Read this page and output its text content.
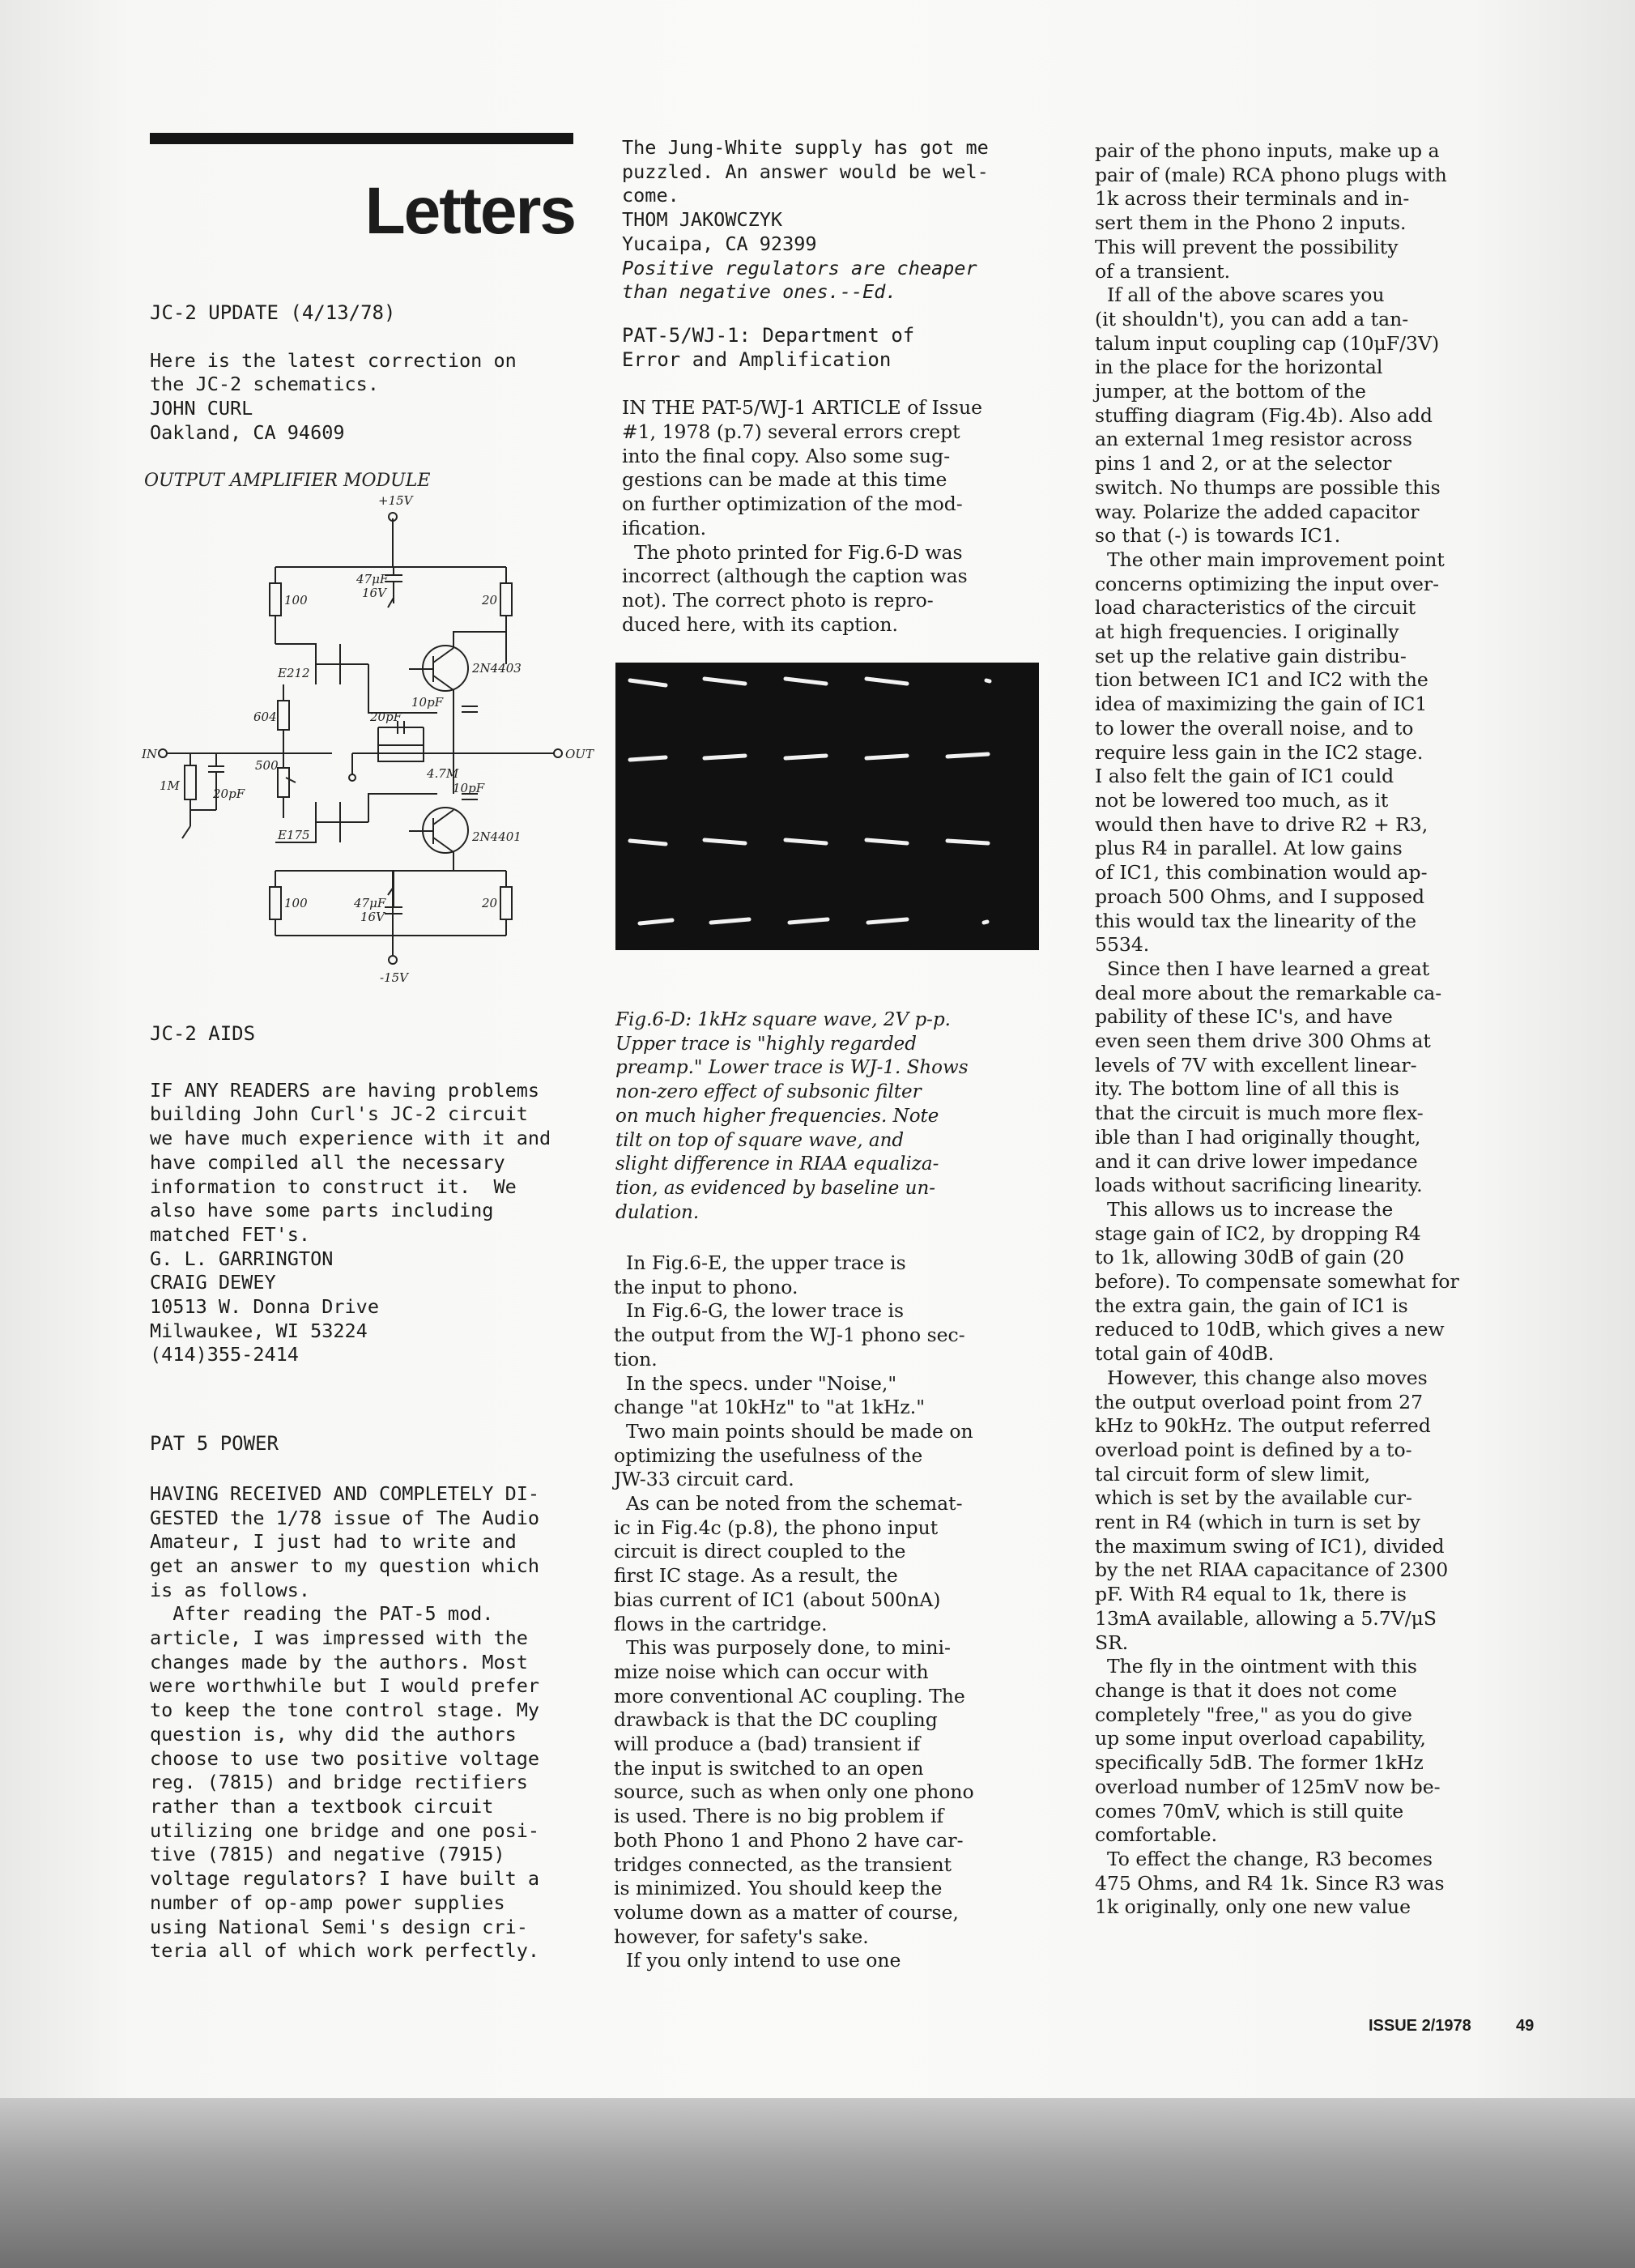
Letters

JC-2 UPDATE (4/13/78)

Here is the latest correction on

the JC-2 schematics.

JOHN CURL

Oakland, CA 94609

OUTPUT AMPLIFIER MODULE
+15V
-15V
47μF
16V
47μF
16V
100
100
20
20
E212
E175
2N4403
2N4401
604
500
1M
20pF
20pF
10pF
10pF
4.7M
IN	OUT

JC-2 AIDS

IF ANY READERS are having problems

building John Curl's JC-2 circuit

we have much experience with it and

have compiled all the necessary

information to construct it.  We

also have some parts including

matched FET's.

G. L. GARRINGTON

CRAIG DEWEY

10513 W. Donna Drive

Milwaukee, WI 53224

(414)355-2414

PAT 5 POWER

HAVING RECEIVED AND COMPLETELY DI-

GESTED the 1/78 issue of The Audio

Amateur, I just had to write and

get an answer to my question which

is as follows.

After reading the PAT-5 mod.

article, I was impressed with the

changes made by the authors. Most

were worthwhile but I would prefer

to keep the tone control stage. My

question is, why did the authors

choose to use two positive voltage

reg. (7815) and bridge rectifiers

rather than a textbook circuit

utilizing one bridge and one posi-

tive (7815) and negative (7915)

voltage regulators? I have built a

number of op-amp power supplies

using National Semi's design cri-

teria all of which work perfectly.

The Jung-White supply has got me

puzzled. An answer would be wel-

come.

THOM JAKOWCZYK

Yucaipa, CA 92399

Positive regulators are cheaper

than negative ones.--Ed.

PAT-5/WJ-1: Department of

Error and Amplification

IN THE PAT-5/WJ-1 ARTICLE of Issue

#1, 1978 (p.7) several errors crept

into the final copy. Also some sug-

gestions can be made at this time

on further optimization of the mod-

ification.

The photo printed for Fig.6-D was

incorrect (although the caption was

not). The correct photo is repro-

duced here, with its caption.

Fig.6-D: 1kHz square wave, 2V p-p.

Upper trace is "highly regarded

preamp." Lower trace is WJ-1. Shows

non-zero effect of subsonic filter

on much higher frequencies. Note

tilt on top of square wave, and

slight difference in RIAA equaliza-

tion, as evidenced by baseline un-

dulation.

In Fig.6-E, the upper trace is

the input to phono.

In Fig.6-G, the lower trace is

the output from the WJ-1 phono sec-

tion.

In the specs. under "Noise,"

change "at 10kHz" to "at 1kHz."

Two main points should be made on

optimizing the usefulness of the

JW-33 circuit card.

As can be noted from the schemat-

ic in Fig.4c (p.8), the phono input

circuit is direct coupled to the

first IC stage. As a result, the

bias current of IC1 (about 500nA)

flows in the cartridge.

This was purposely done, to mini-

mize noise which can occur with

more conventional AC coupling. The

drawback is that the DC coupling

will produce a (bad) transient if

the input is switched to an open

source, such as when only one phono

is used. There is no big problem if

both Phono 1 and Phono 2 have car-

tridges connected, as the transient

is minimized. You should keep the

volume down as a matter of course,

however, for safety's sake.

If you only intend to use one

pair of the phono inputs, make up a

pair of (male) RCA phono plugs with

1k across their terminals and in-

sert them in the Phono 2 inputs.

This will prevent the possibility

of a transient.

If all of the above scares you

(it shouldn't), you can add a tan-

talum input coupling cap (10μF/3V)

in the place for the horizontal

jumper, at the bottom of the

stuffing diagram (Fig.4b). Also add

an external 1meg resistor across

pins 1 and 2, or at the selector

switch. No thumps are possible this

way. Polarize the added capacitor

so that (-) is towards IC1.

The other main improvement point

concerns optimizing the input over-

load characteristics of the circuit

at high frequencies. I originally

set up the relative gain distribu-

tion between IC1 and IC2 with the

idea of maximizing the gain of IC1

to lower the overall noise, and to

require less gain in the IC2 stage.

I also felt the gain of IC1 could

not be lowered too much, as it

would then have to drive R2 + R3,

plus R4 in parallel. At low gains

of IC1, this combination would ap-

proach 500 Ohms, and I supposed

this would tax the linearity of the

5534.

Since then I have learned a great

deal more about the remarkable ca-

pability of these IC's, and have

even seen them drive 300 Ohms at

levels of 7V with excellent linear-

ity. The bottom line of all this is

that the circuit is much more flex-

ible than I had originally thought,

and it can drive lower impedance

loads without sacrificing linearity.

This allows us to increase the

stage gain of IC2, by dropping R4

to 1k, allowing 30dB of gain (20

before). To compensate somewhat for

the extra gain, the gain of IC1 is

reduced to 10dB, which gives a new

total gain of 40dB.

However, this change also moves

the output overload point from 27

kHz to 90kHz. The output referred

overload point is defined by a to-

tal circuit form of slew limit,

which is set by the available cur-

rent in R4 (which in turn is set by

the maximum swing of IC1), divided

by the net RIAA capacitance of 2300

pF. With R4 equal to 1k, there is

13mA available, allowing a 5.7V/μS

SR.

The fly in the ointment with this

change is that it does not come

completely "free," as you do give

up some input overload capability,

specifically 5dB. The former 1kHz

overload number of 125mV now be-

comes 70mV, which is still quite

comfortable.

To effect the change, R3 becomes

475 Ohms, and R4 1k. Since R3 was

1k originally, only one new value

ISSUE 2/1978	49
